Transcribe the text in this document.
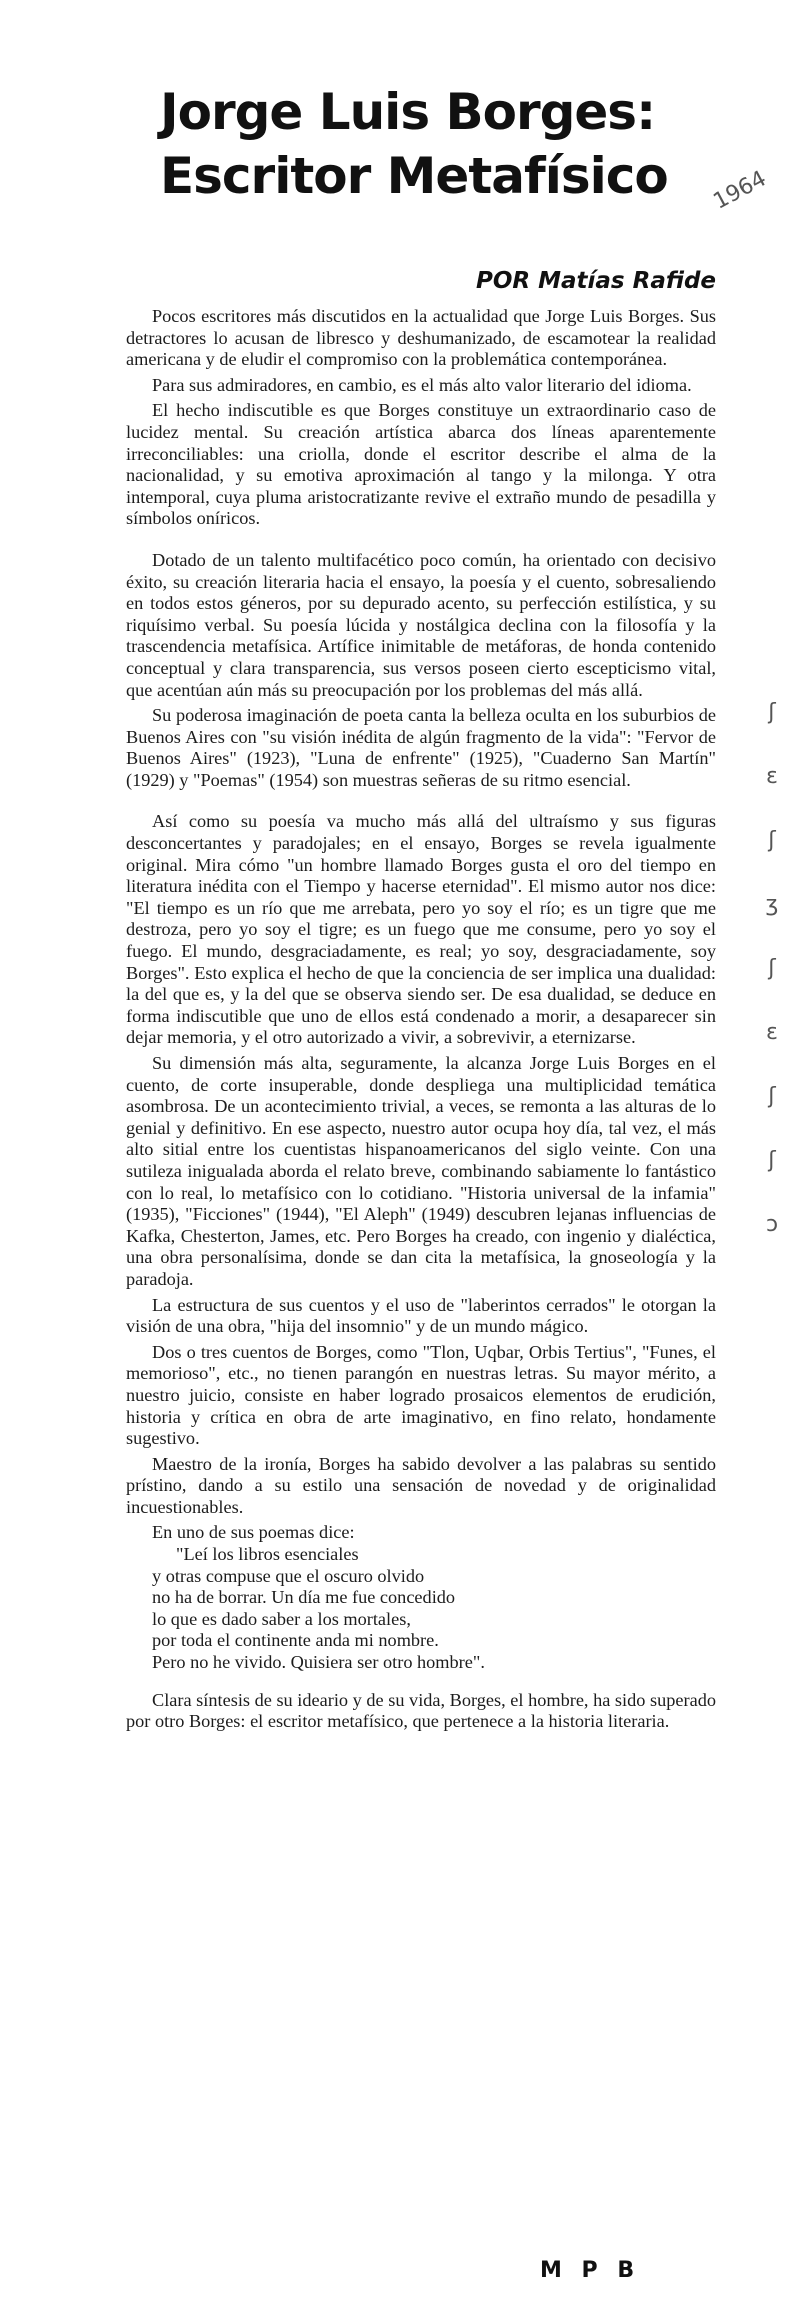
Jorge Luis Borges:
Escritor Metafísico 1964
POR Matías Rafide

Pocos escritores más discutidos en la actualidad que Jorge Luis Borges. Sus detractores lo acusan de libresco y deshumanizado, de escamotear la realidad americana y de eludir el compromiso con la problemática contemporánea.

Para sus admiradores, en cambio, es el más alto valor literario del idioma.

El hecho indiscutible es que Borges constituye un extraordinario caso de lucidez mental. Su creación artística abarca dos líneas aparentemente irreconciliables: una criolla, donde el escritor describe el alma de la nacionalidad, y su emotiva aproximación al tango y la milonga. Y otra intemporal, cuya pluma aristocratizante revive el extraño mundo de pesadilla y símbolos oníricos.

Dotado de un talento multifacético poco común, ha orientado con decisivo éxito, su creación literaria hacia el ensayo, la poesía y el cuento, sobresaliendo en todos estos géneros, por su depurado acento, su perfección estilística, y su riquísimo verbal. Su poesía lúcida y nostálgica declina con la filosofía y la trascendencia metafísica. Artífice inimitable de metáforas, de honda contenido conceptual y clara transparencia, sus versos poseen cierto escepticismo vital, que acentúan aún más su preocupación por los problemas del más allá.

Su poderosa imaginación de poeta canta la belleza oculta en los suburbios de Buenos Aires con "su visión inédita de algún fragmento de la vida": "Fervor de Buenos Aires" (1923), "Luna de enfrente" (1925), "Cuaderno San Martín" (1929) y "Poemas" (1954) son muestras señeras de su ritmo esencial.

Así como su poesía va mucho más allá del ultraísmo y sus figuras desconcertantes y paradojales; en el ensayo, Borges se revela igualmente original. Mira cómo "un hombre llamado Borges gusta el oro del tiempo en literatura inédita con el Tiempo y hacerse eternidad". El mismo autor nos dice: "El tiempo es un río que me arrebata, pero yo soy el río; es un tigre que me destroza, pero yo soy el tigre; es un fuego que me consume, pero yo soy el fuego. El mundo, desgraciadamente, es real; yo soy, desgraciadamente, soy Borges". Esto explica el hecho de que la conciencia de ser implica una dualidad: la del que es, y la del que se observa siendo ser. De esa dualidad, se deduce en forma indiscutible que uno de ellos está condenado a morir, a desaparecer sin dejar memoria, y el otro autorizado a vivir, a sobrevivir, a eternizarse.

Su dimensión más alta, seguramente, la alcanza Jorge Luis Borges en el cuento, de corte insuperable, donde despliega una multiplicidad temática asombrosa. De un acontecimiento trivial, a veces, se remonta a las alturas de lo genial y definitivo. En ese aspecto, nuestro autor ocupa hoy día, tal vez, el más alto sitial entre los cuentistas hispanoamericanos del siglo veinte. Con una sutileza inigualada aborda el relato breve, combinando sabiamente lo fantástico con lo real, lo metafísico con lo cotidiano. "Historia universal de la infamia" (1935), "Ficciones" (1944), "El Aleph" (1949) descubren lejanas influencias de Kafka, Chesterton, James, etc. Pero Borges ha creado, con ingenio y dialéctica, una obra personalísima, donde se dan cita la metafísica, la gnoseología y la paradoja.

La estructura de sus cuentos y el uso de "laberintos cerrados" le otorgan la visión de una obra, "hija del insomnio" y de un mundo mágico.

Dos o tres cuentos de Borges, como "Tlon, Uqbar, Orbis Tertius", "Funes, el memorioso", etc., no tienen parangón en nuestras letras. Su mayor mérito, a nuestro juicio, consiste en haber logrado prosaicos elementos de erudición, historia y crítica en obra de arte imaginativo, en fino relato, hondamente sugestivo.

Maestro de la ironía, Borges ha sabido devolver a las palabras su sentido prístino, dando a su estilo una sensación de novedad y de originalidad incuestionables.

En uno de sus poemas dice:
"Leí los libros esenciales
y otras compuse que el oscuro olvido
no ha de borrar. Un día me fue concedido
lo que es dado saber a los mortales,
por toda el continente anda mi nombre.
Pero no he vivido. Quisiera ser otro hombre".

Clara síntesis de su ideario y de su vida, Borges, el hombre, ha sido superado por otro Borges: el escritor metafísico, que pertenece a la historia literaria.

ʃ
ɛ
ʃ
ʒ
ʃ
ɛ
ʃ
ʃ
ɔ
M P B
